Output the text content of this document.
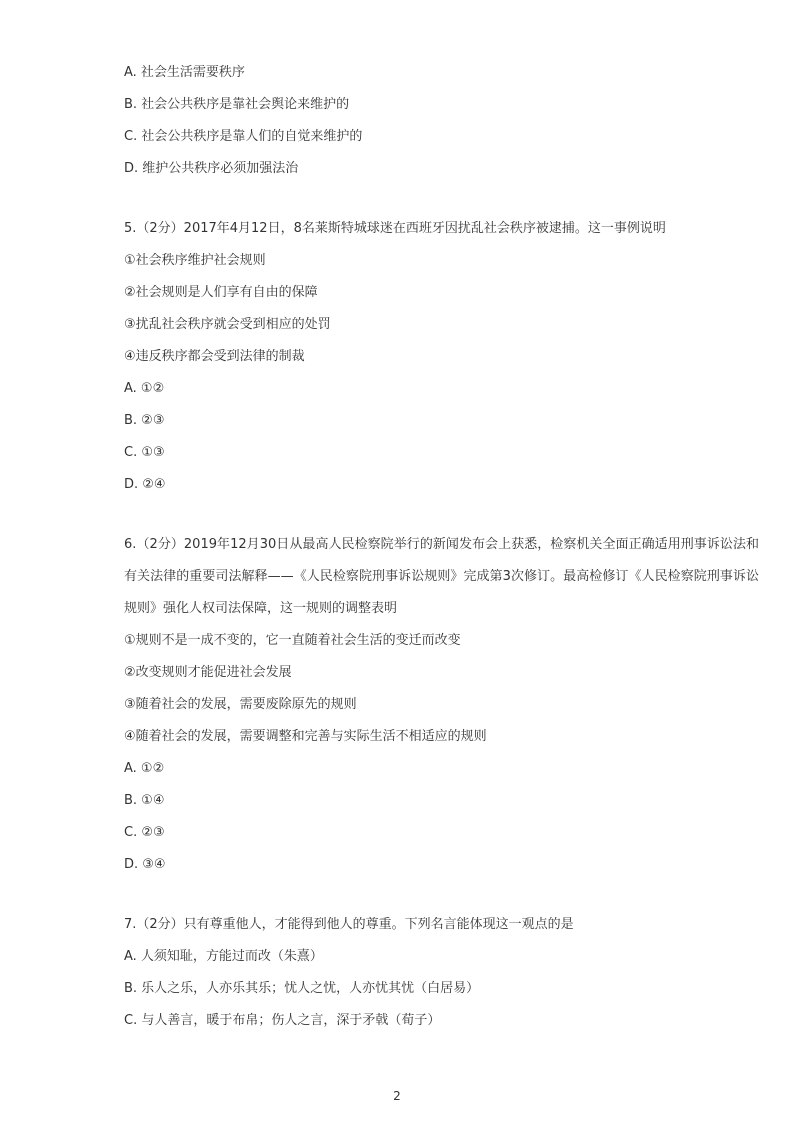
A. 社会生活需要秩序
B. 社会公共秩序是靠社会舆论来维护的
C. 社会公共秩序是靠人们的自觉来维护的
D. 维护公共秩序必须加强法治
5.（2分）2017年4月12日，8名莱斯特城球迷在西班牙因扰乱社会秩序被逮捕。这一事例说明
①社会秩序维护社会规则
②社会规则是人们享有自由的保障
③扰乱社会秩序就会受到相应的处罚
④违反秩序都会受到法律的制裁
A. ①②
B. ②③
C. ①③
D. ②④
6.（2分）2019年12月30日从最高人民检察院举行的新闻发布会上获悉，检察机关全面正确适用刑事诉讼法和有关法律的重要司法解释——《人民检察院刑事诉讼规则》完成第3次修订。最高检修订《人民检察院刑事诉讼规则》强化人权司法保障，这一规则的调整表明
①规则不是一成不变的，它一直随着社会生活的变迁而改变
②改变规则才能促进社会发展
③随着社会的发展，需要废除原先的规则
④随着社会的发展，需要调整和完善与实际生活不相适应的规则
A. ①②
B. ①④
C. ②③
D. ③④
7.（2分）只有尊重他人，才能得到他人的尊重。下列名言能体现这一观点的是
A. 人须知耻，方能过而改（朱熹）
B. 乐人之乐，人亦乐其乐；忧人之忧，人亦忧其忧（白居易）
C. 与人善言，暖于布帛；伤人之言，深于矛戟（荀子）
2
